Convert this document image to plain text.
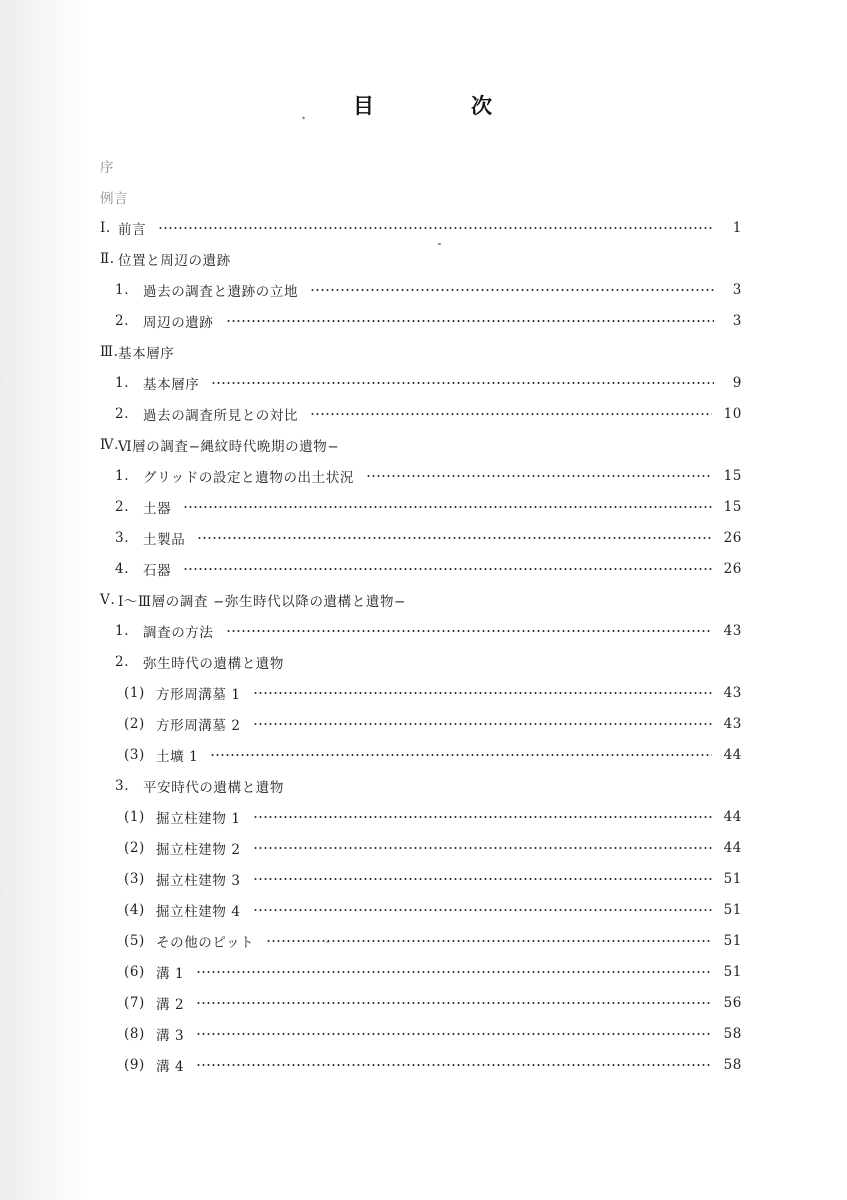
目	次
序
例言
Ⅰ. 前言	1
Ⅱ. 位置と周辺の遺跡
1.	過去の調査と遺跡の立地	3
2.	周辺の遺跡	3
Ⅲ. 基本層序
1.	基本層序	9
2.	過去の調査所見との対比	10
Ⅳ. Ⅵ層の調査−縄紋時代晩期の遺物−
1.	グリッドの設定と遺物の出土状況	15
2.	土器	15
3.	土製品	26
4.	石器	26
Ⅴ. Ⅰ〜Ⅲ層の調査 −弥生時代以降の遺構と遺物−
1.	調査の方法	43
2.	弥生時代の遺構と遺物
(1) 方形周溝墓 1	43
(2) 方形周溝墓 2	43
(3) 土壙 1	44
3.	平安時代の遺構と遺物
(1) 掘立柱建物 1	44
(2) 掘立柱建物 2	44
(3) 掘立柱建物 3	51
(4) 掘立柱建物 4	51
(5) その他のピット	51
(6) 溝 1	51
(7) 溝 2	56
(8) 溝 3	58
(9) 溝 4	58
